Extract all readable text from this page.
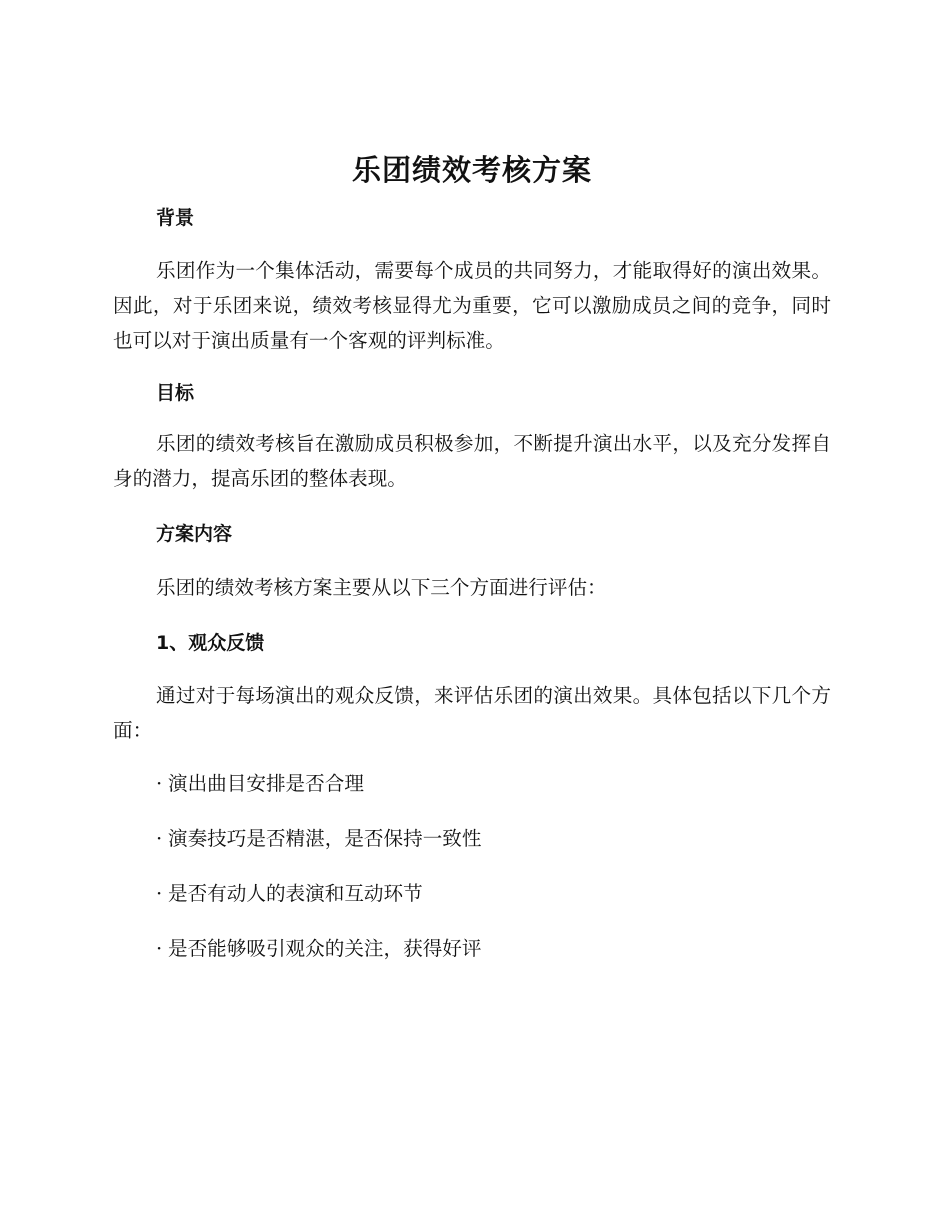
乐团绩效考核方案
背景

乐团作为一个集体活动，需要每个成员的共同努力，才能取得好的演出效果。因此，对于乐团来说，绩效考核显得尤为重要，它可以激励成员之间的竞争，同时也可以对于演出质量有一个客观的评判标准。

目标

乐团的绩效考核旨在激励成员积极参加，不断提升演出水平，以及充分发挥自身的潜力，提高乐团的整体表现。

方案内容

乐团的绩效考核方案主要从以下三个方面进行评估：

1、观众反馈

通过对于每场演出的观众反馈，来评估乐团的演出效果。具体包括以下几个方面：

· 演出曲目安排是否合理
· 演奏技巧是否精湛，是否保持一致性
· 是否有动人的表演和互动环节
· 是否能够吸引观众的关注，获得好评
